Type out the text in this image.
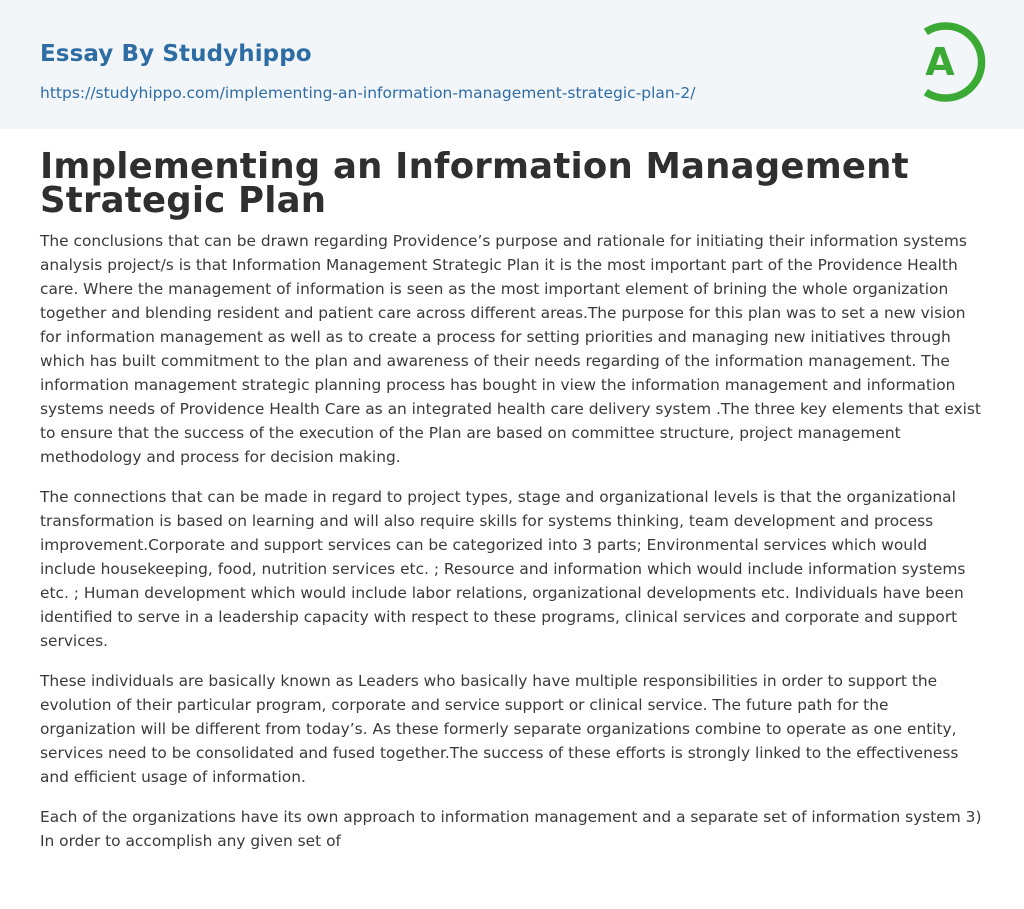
Essay By Studyhippo
https://studyhippo.com/implementing-an-information-management-strategic-plan-2/
A
Implementing an Information Management Strategic Plan

The conclusions that can be drawn regarding Providence’s purpose and rationale for initiating their information systems analysis project/s is that Information Management Strategic Plan it is the most important part of the Providence Health care. Where the management of information is seen as the most important element of brining the whole organization together and blending resident and patient care across different areas.The purpose for this plan was to set a new vision for information management as well as to create a process for setting priorities and managing new initiatives through which has built commitment to the plan and awareness of their needs regarding of the information management. The information management strategic planning process has bought in view the information management and information systems needs of Providence Health Care as an integrated health care delivery system .The three key elements that exist to ensure that the success of the execution of the Plan are based on committee structure, project management methodology and process for decision making.

The connections that can be made in regard to project types, stage and organizational levels is that the organizational transformation is based on learning and will also require skills for systems thinking, team development and process improvement.Corporate and support services can be categorized into 3 parts; Environmental services which would include housekeeping, food, nutrition services etc. ; Resource and information which would include information systems etc. ; Human development which would include labor relations, organizational developments etc. Individuals have been identified to serve in a leadership capacity with respect to these programs, clinical services and corporate and support services.

These individuals are basically known as Leaders who basically have multiple responsibilities in order to support the evolution of their particular program, corporate and service support or clinical service. The future path for the organization will be different from today’s. As these formerly separate organizations combine to operate as one entity, services need to be consolidated and fused together.The success of these efforts is strongly linked to the effectiveness and efficient usage of information.

Each of the organizations have its own approach to information management and a separate set of information system 3) In order to accomplish any given set of
